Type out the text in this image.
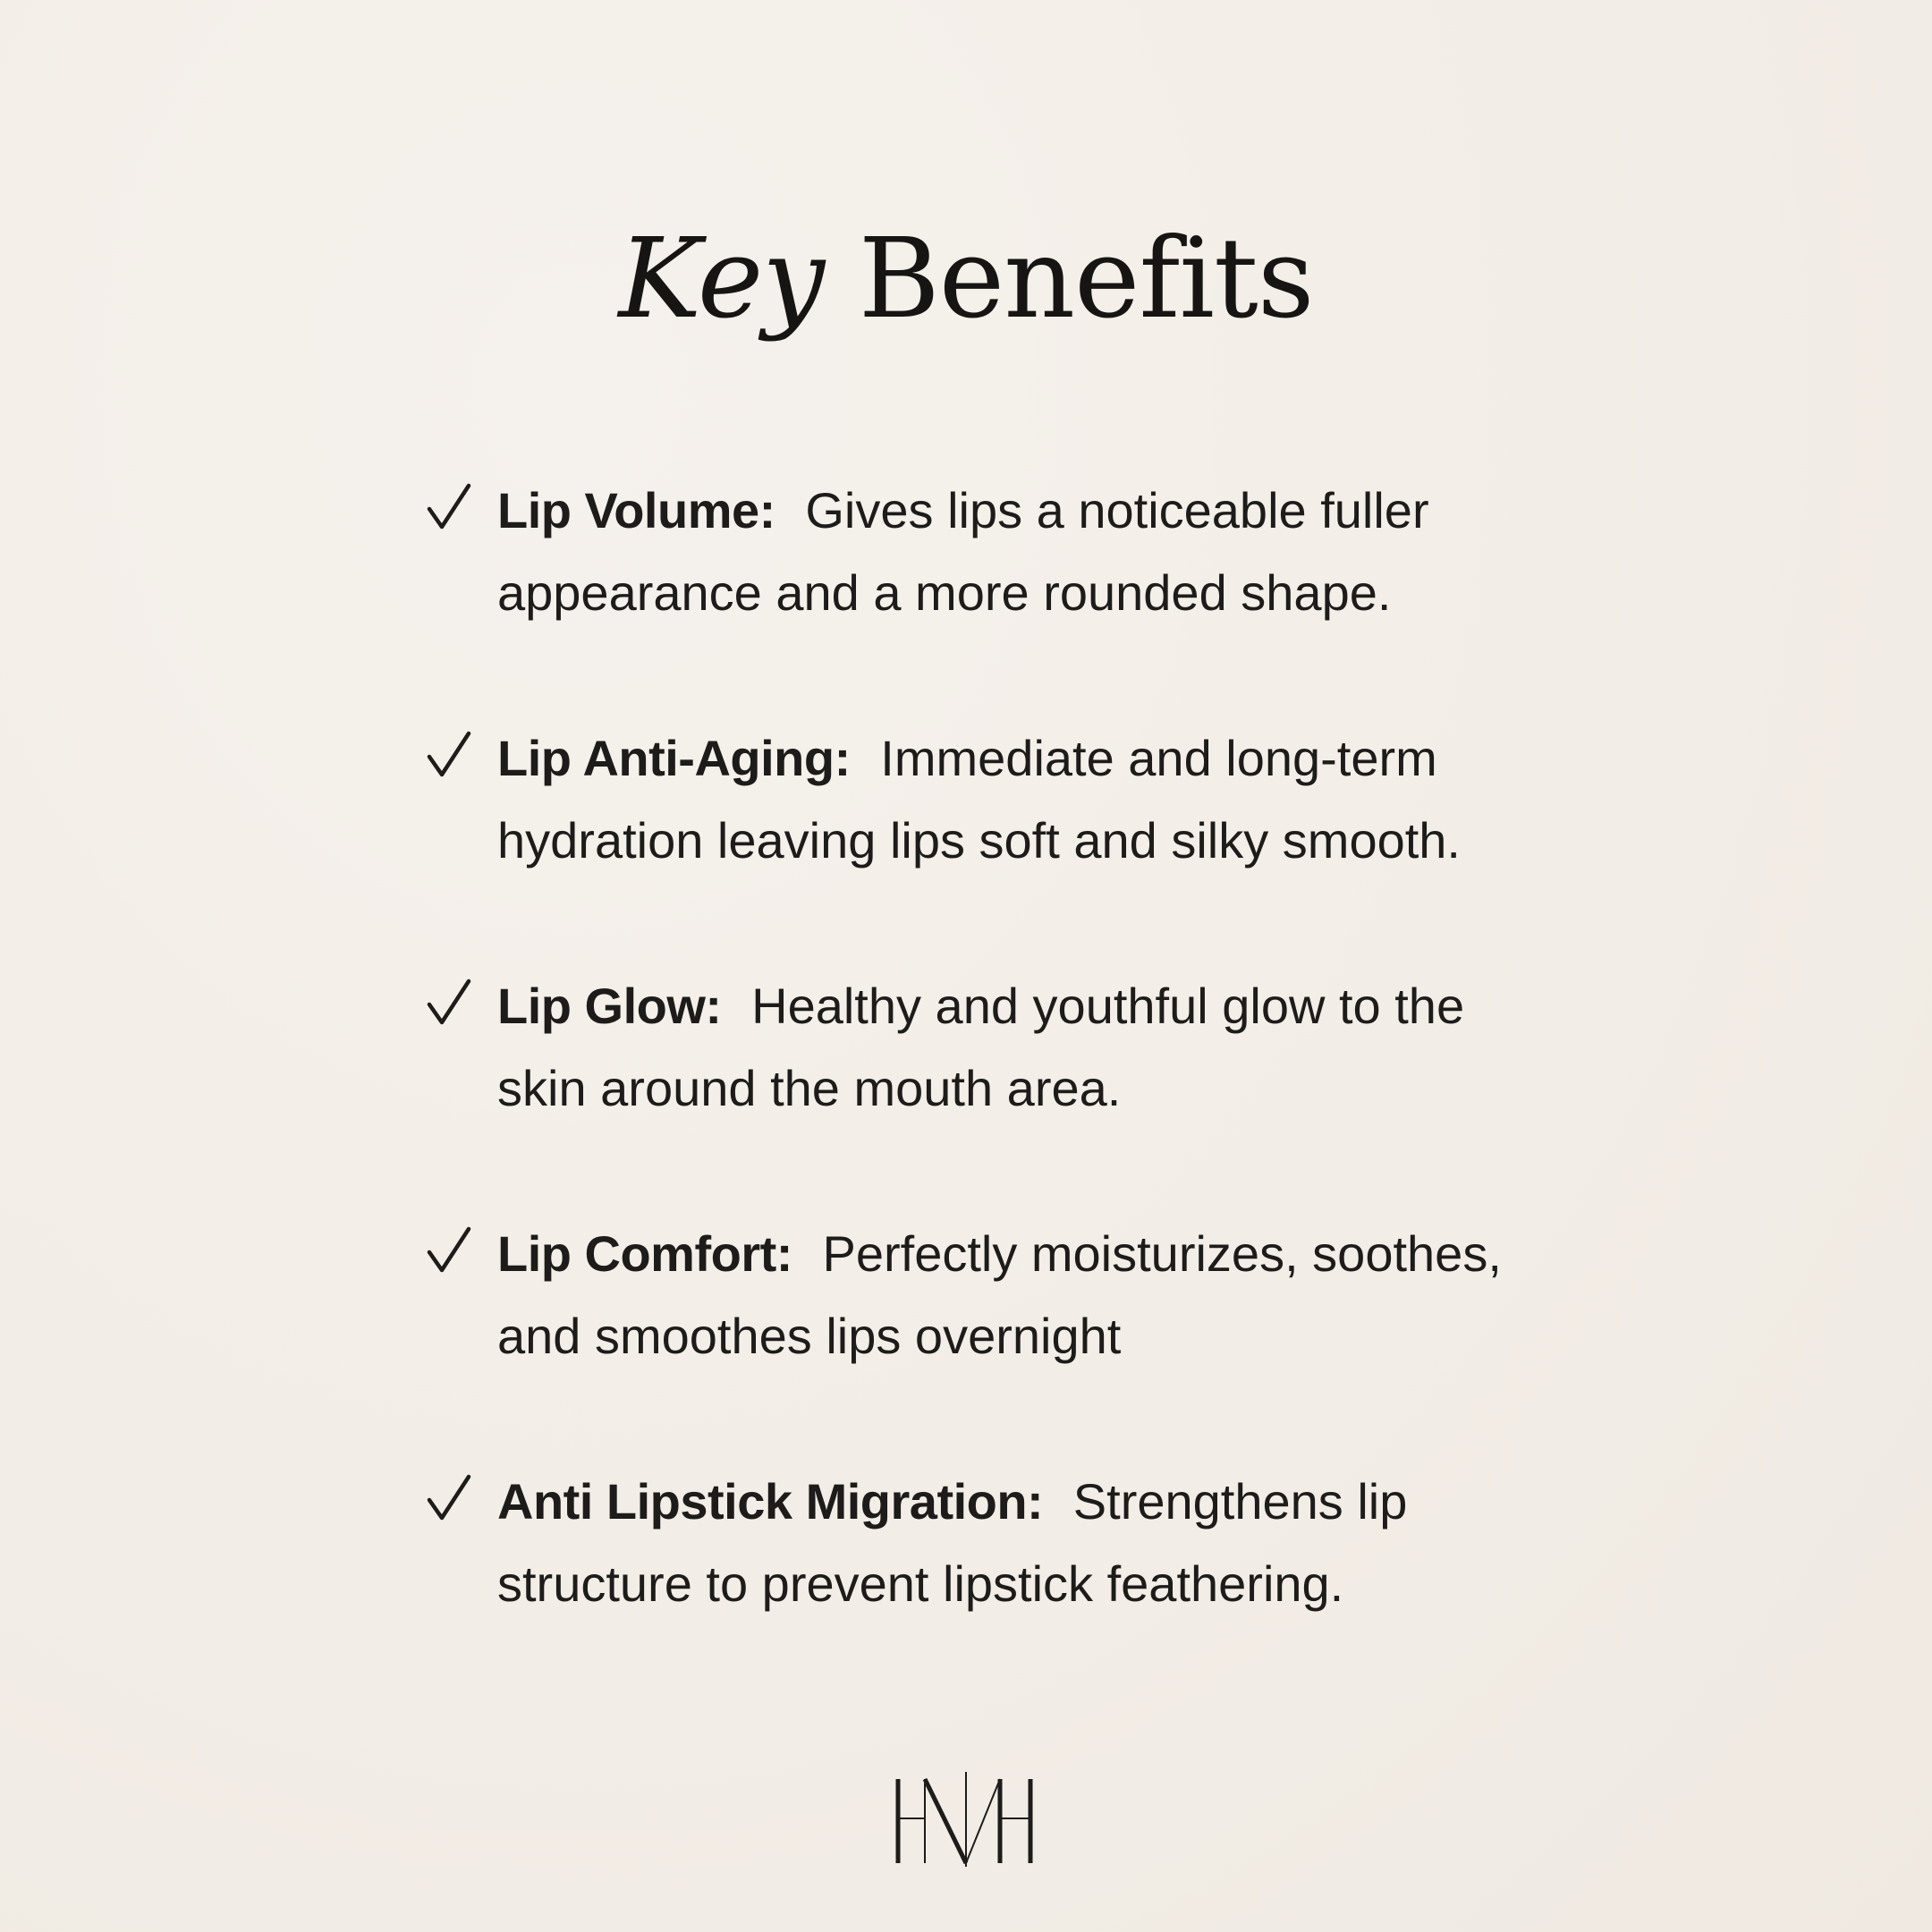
Key Benefits

Lip Volume: Gives lips a noticeable fuller appearance and a more rounded shape.

Lip Anti-Aging: Immediate and long-term hydration leaving lips soft and silky smooth.

Lip Glow: Healthy and youthful glow to the skin around the mouth area.

Lip Comfort: Perfectly moisturizes, soothes, and smoothes lips overnight

Anti Lipstick Migration: Strengthens lip structure to prevent lipstick feathering.
